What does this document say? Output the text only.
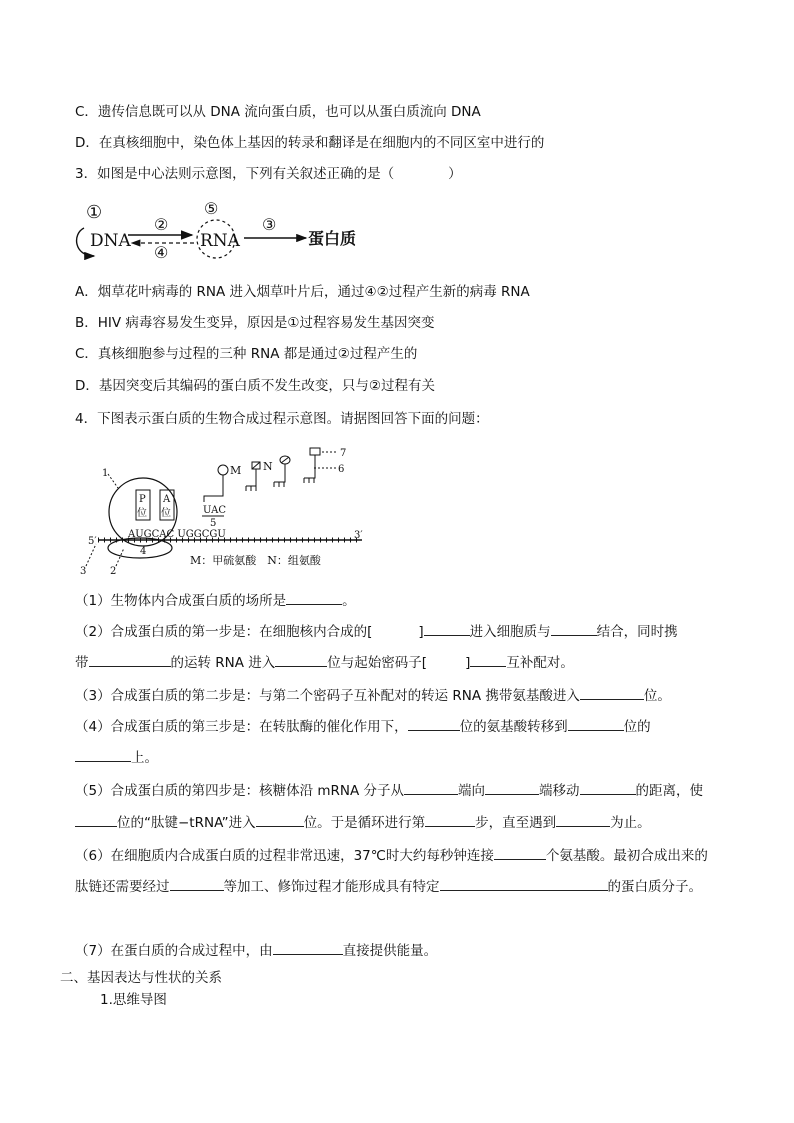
C．遗传信息既可以从 DNA 流向蛋白质，也可以从蛋白质流向 DNA
D．在真核细胞中，染色体上基因的转录和翻译是在细胞内的不同区室中进行的
3．如图是中心法则示意图，下列有关叙述正确的是（　　　　）
①
DNA
②
④
⑤
RNA
③
蛋白质
A．烟草花叶病毒的 RNA 进入烟草叶片后，通过④②过程产生新的病毒 RNA
B．HIV 病毒容易发生变异，原因是①过程容易发生基因突变
C．真核细胞参与过程的三种 RNA 都是通过②过程产生的
D．基因突变后其编码的蛋白质不发生改变，只与②过程有关
4．下图表示蛋白质的生物合成过程示意图。请据图回答下面的问题：
7
6
N
M
UAC
5
1
P
位
A
位
AUGCAC UGGCGU
5′
3′
4
3 2
M：甲硫氨酸　N：组氨酸
（1）生物体内合成蛋白质的场所是	。
（2）合成蛋白质的第一步是：在细胞核内合成的[	]	进入细胞质与	结合，同时携
带	的运转 RNA 进入	位与起始密码子[	]	互补配对。
（3）合成蛋白质的第二步是：与第二个密码子互补配对的转运 RNA 携带氨基酸进入	位。
（4）合成蛋白质的第三步是：在转肽酶的催化作用下，	位的氨基酸转移到	位的
上。
（5）合成蛋白质的第四步是：核糖体沿 mRNA 分子从	端向	端移动	的距离，使
位的“肽键−tRNA”进入	位。于是循环进行第	步，直至遇到	为止。
（6）在细胞质内合成蛋白质的过程非常迅速，37℃时大约每秒钟连接	个氨基酸。最初合成出来的
肽链还需要经过	等加工、修饰过程才能形成具有特定	的蛋白质分子。
（7）在蛋白质的合成过程中，由	直接提供能量。
二、基因表达与性状的关系
1.思维导图
